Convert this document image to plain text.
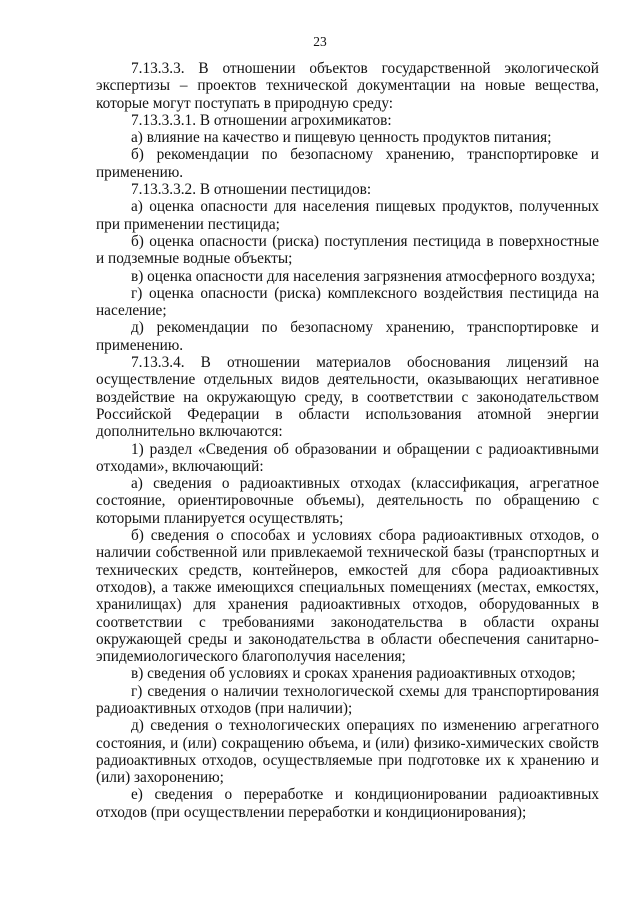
23

7.13.3.3. В отношении объектов государственной экологической экспертизы – проектов технической документации на новые вещества, которые могут поступать в природную среду:

7.13.3.3.1. В отношении агрохимикатов:

а) влияние на качество и пищевую ценность продуктов питания;

б) рекомендации по безопасному хранению, транспортировке и применению.

7.13.3.3.2. В отношении пестицидов:

а) оценка опасности для населения пищевых продуктов, полученных при применении пестицида;

б) оценка опасности (риска) поступления пестицида в поверхностные и подземные водные объекты;

в) оценка опасности для населения загрязнения атмосферного воздуха;

г) оценка опасности (риска) комплексного воздействия пестицида на население;

д) рекомендации по безопасному хранению, транспортировке и применению.

7.13.3.4. В отношении материалов обоснования лицензий на осуществление отдельных видов деятельности, оказывающих негативное воздействие на окружающую среду, в соответствии с законодательством Российской Федерации в области использования атомной энергии дополнительно включаются:

1) раздел «Сведения об образовании и обращении с радиоактивными отходами», включающий:

а) сведения о радиоактивных отходах (классификация, агрегатное состояние, ориентировочные объемы), деятельность по обращению с которыми планируется осуществлять;

б) сведения о способах и условиях сбора радиоактивных отходов, о наличии собственной или привлекаемой технической базы (транспортных и технических средств, контейнеров, емкостей для сбора радиоактивных отходов), а также имеющихся специальных помещениях (местах, емкостях, хранилищах) для хранения радиоактивных отходов, оборудованных в соответствии с требованиями законодательства в области охраны окружающей среды и законодательства в области обеспечения санитарно-эпидемиологического благополучия населения;

в) сведения об условиях и сроках хранения радиоактивных отходов;

г) сведения о наличии технологической схемы для транспортирования радиоактивных отходов (при наличии);

д) сведения о технологических операциях по изменению агрегатного состояния, и (или) сокращению объема, и (или) физико-химических свойств радиоактивных отходов, осуществляемые при подготовке их к хранению и (или) захоронению;

е) сведения о переработке и кондиционировании радиоактивных отходов (при осуществлении переработки и кондиционирования);
